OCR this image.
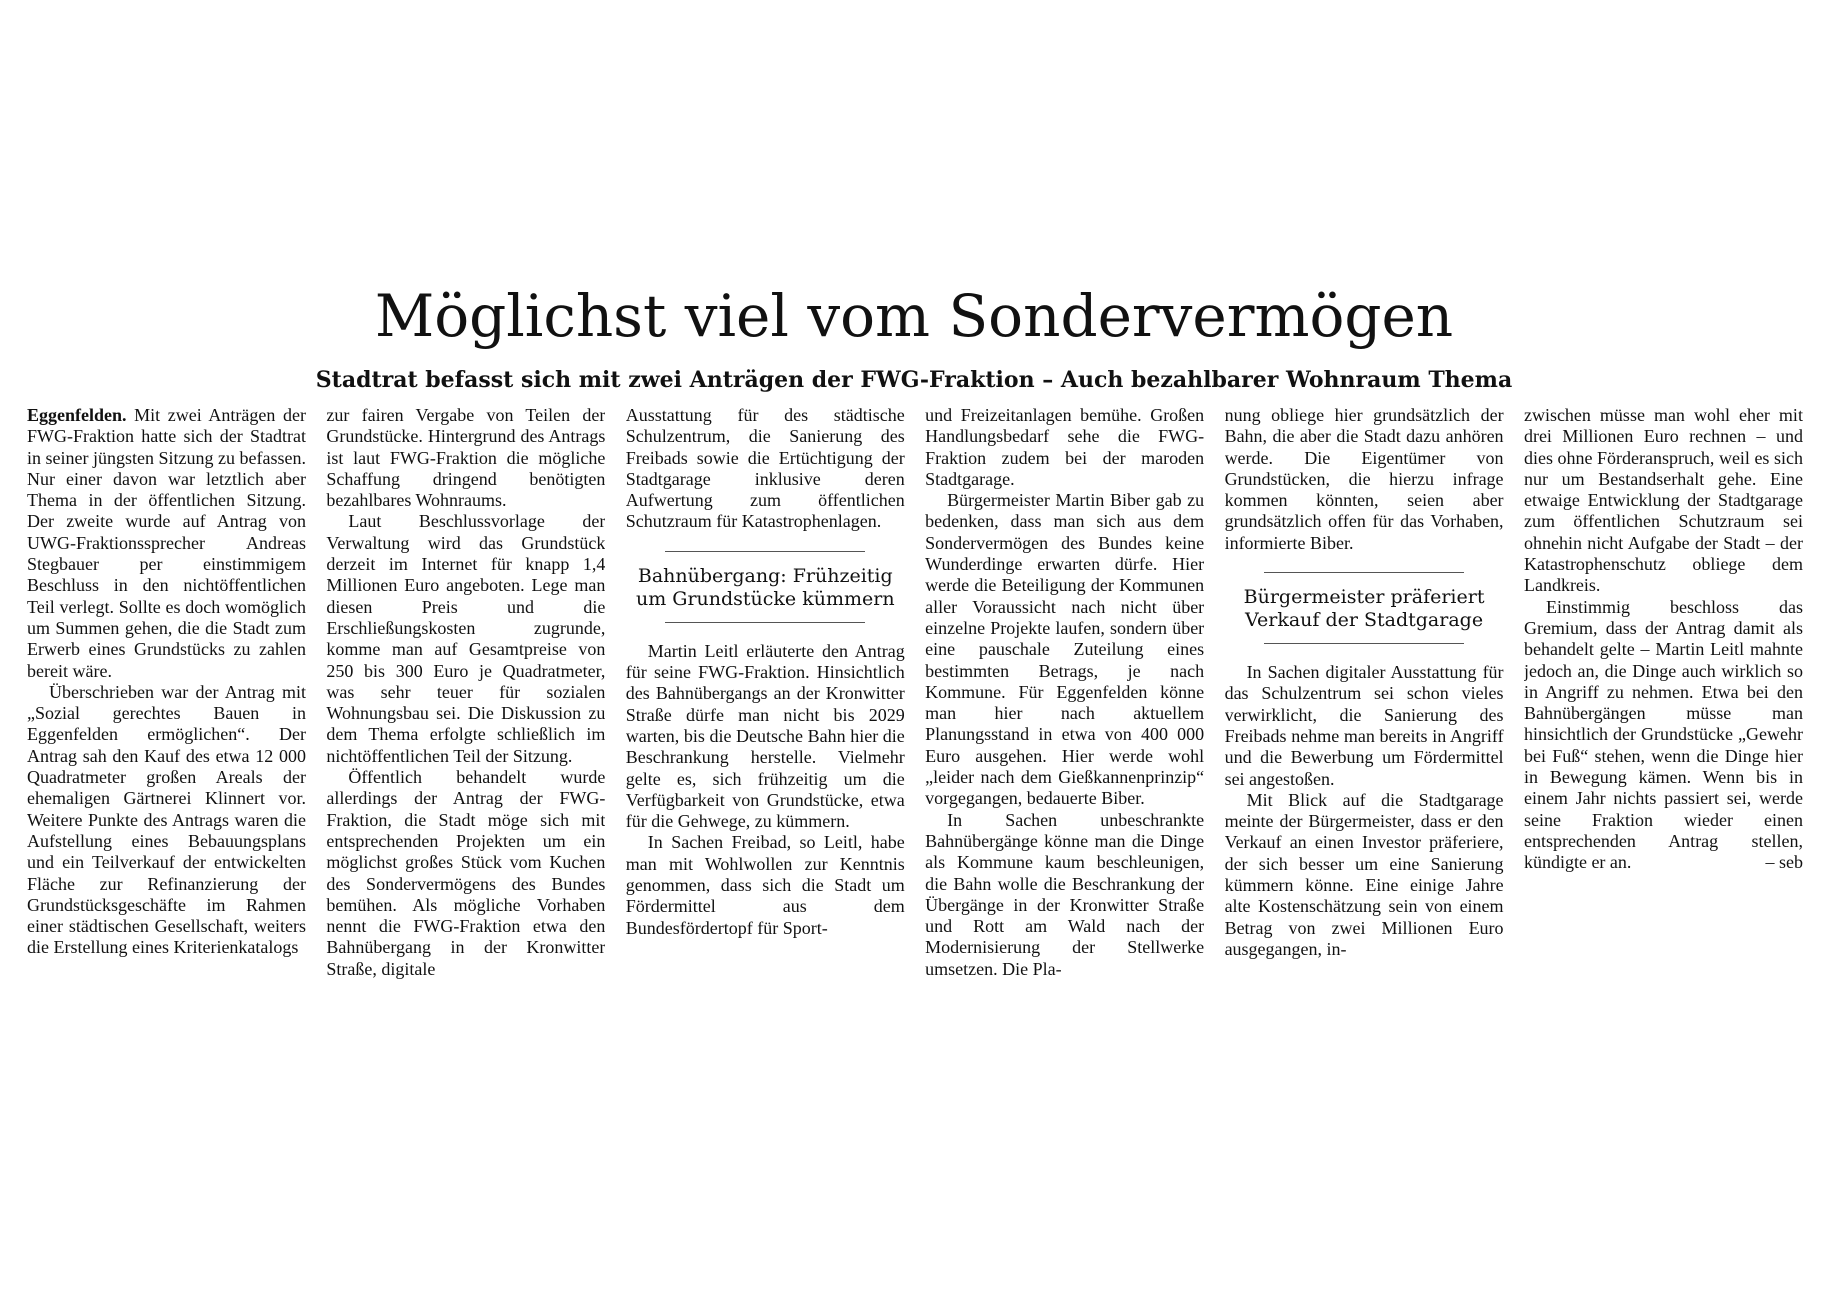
Möglichst viel vom Sondervermögen
Stadtrat befasst sich mit zwei Anträgen der FWG-Fraktion – Auch bezahlbarer Wohnraum Thema

Eggenfelden. Mit zwei Anträgen der FWG-Fraktion hatte sich der Stadtrat in seiner jüngsten Sitzung zu befassen. Nur einer davon war letztlich aber Thema in der öffentlichen Sitzung. Der zweite wurde auf Antrag von UWG-Fraktionssprecher Andreas Stegbauer per einstimmigem Beschluss in den nichtöffentlichen Teil verlegt. Sollte es doch womöglich um Summen gehen, die die Stadt zum Erwerb eines Grundstücks zu zahlen bereit wäre.

Überschrieben war der Antrag mit „Sozial gerechtes Bauen in Eggenfelden ermöglichen“. Der Antrag sah den Kauf des etwa 12 000 Quadratmeter großen Areals der ehemaligen Gärtnerei Klinnert vor. Weitere Punkte des Antrags waren die Aufstellung eines Bebauungsplans und ein Teilverkauf der entwickelten Fläche zur Refinanzierung der Grundstücksgeschäfte im Rahmen einer städtischen Gesellschaft, weiters die Erstellung eines Kriterienkatalogs

zur fairen Vergabe von Teilen der Grundstücke. Hintergrund des Antrags ist laut FWG-Fraktion die mögliche Schaffung dringend benötigten bezahlbares Wohnraums.

Laut Beschlussvorlage der Verwaltung wird das Grundstück derzeit im Internet für knapp 1,4 Millionen Euro angeboten. Lege man diesen Preis und die Erschließungskosten zugrunde, komme man auf Gesamtpreise von 250 bis 300 Euro je Quadratmeter, was sehr teuer für sozialen Wohnungsbau sei. Die Diskussion zu dem Thema erfolgte schließlich im nichtöffentlichen Teil der Sitzung.

Öffentlich behandelt wurde allerdings der Antrag der FWG-Fraktion, die Stadt möge sich mit entsprechenden Projekten um ein möglichst großes Stück vom Kuchen des Sondervermögens des Bundes bemühen. Als mögliche Vorhaben nennt die FWG-Fraktion etwa den Bahnübergang in der Kronwitter Straße, digitale

Ausstattung für des städtische Schulzentrum, die Sanierung des Freibads sowie die Ertüchtigung der Stadtgarage inklusive deren Aufwertung zum öffentlichen Schutzraum für Katastrophenlagen.

Bahnübergang: Frühzeitig um Grundstücke kümmern

Martin Leitl erläuterte den Antrag für seine FWG-Fraktion. Hinsichtlich des Bahnübergangs an der Kronwitter Straße dürfe man nicht bis 2029 warten, bis die Deutsche Bahn hier die Beschrankung herstelle. Vielmehr gelte es, sich frühzeitig um die Verfügbarkeit von Grundstücke, etwa für die Gehwege, zu kümmern.

In Sachen Freibad, so Leitl, habe man mit Wohlwollen zur Kenntnis genommen, dass sich die Stadt um Fördermittel aus dem Bundesfördertopf für Sport-

und Freizeitanlagen bemühe. Großen Handlungsbedarf sehe die FWG-Fraktion zudem bei der maroden Stadtgarage.

Bürgermeister Martin Biber gab zu bedenken, dass man sich aus dem Sondervermögen des Bundes keine Wunderdinge erwarten dürfe. Hier werde die Beteiligung der Kommunen aller Voraussicht nach nicht über einzelne Projekte laufen, sondern über eine pauschale Zuteilung eines bestimmten Betrags, je nach Kommune. Für Eggenfelden könne man hier nach aktuellem Planungsstand in etwa von 400 000 Euro ausgehen. Hier werde wohl „leider nach dem Gießkannenprinzip“ vorgegangen, bedauerte Biber.

In Sachen unbeschrankte Bahnübergänge könne man die Dinge als Kommune kaum beschleunigen, die Bahn wolle die Beschrankung der Übergänge in der Kronwitter Straße und Rott am Wald nach der Modernisierung der Stellwerke umsetzen. Die Pla-

nung obliege hier grundsätzlich der Bahn, die aber die Stadt dazu anhören werde. Die Eigentümer von Grundstücken, die hierzu infrage kommen könnten, seien aber grundsätzlich offen für das Vorhaben, informierte Biber.

Bürgermeister präferiert Verkauf der Stadtgarage

In Sachen digitaler Ausstattung für das Schulzentrum sei schon vieles verwirklicht, die Sanierung des Freibads nehme man bereits in Angriff und die Bewerbung um Fördermittel sei angestoßen.

Mit Blick auf die Stadtgarage meinte der Bürgermeister, dass er den Verkauf an einen Investor präferiere, der sich besser um eine Sanierung kümmern könne. Eine einige Jahre alte Kostenschätzung sein von einem Betrag von zwei Millionen Euro ausgegangen, in-

zwischen müsse man wohl eher mit drei Millionen Euro rechnen – und dies ohne Förderanspruch, weil es sich nur um Bestandserhalt gehe. Eine etwaige Entwicklung der Stadtgarage zum öffentlichen Schutzraum sei ohnehin nicht Aufgabe der Stadt – der Katastrophenschutz obliege dem Landkreis.

Einstimmig beschloss das Gremium, dass der Antrag damit als behandelt gelte – Martin Leitl mahnte jedoch an, die Dinge auch wirklich so in Angriff zu nehmen. Etwa bei den Bahnübergängen müsse man hinsichtlich der Grundstücke „Gewehr bei Fuß“ stehen, wenn die Dinge hier in Bewegung kämen. Wenn bis in einem Jahr nichts passiert sei, werde seine Fraktion wieder einen entsprechenden Antrag stellen, kündigte er an.	– seb
